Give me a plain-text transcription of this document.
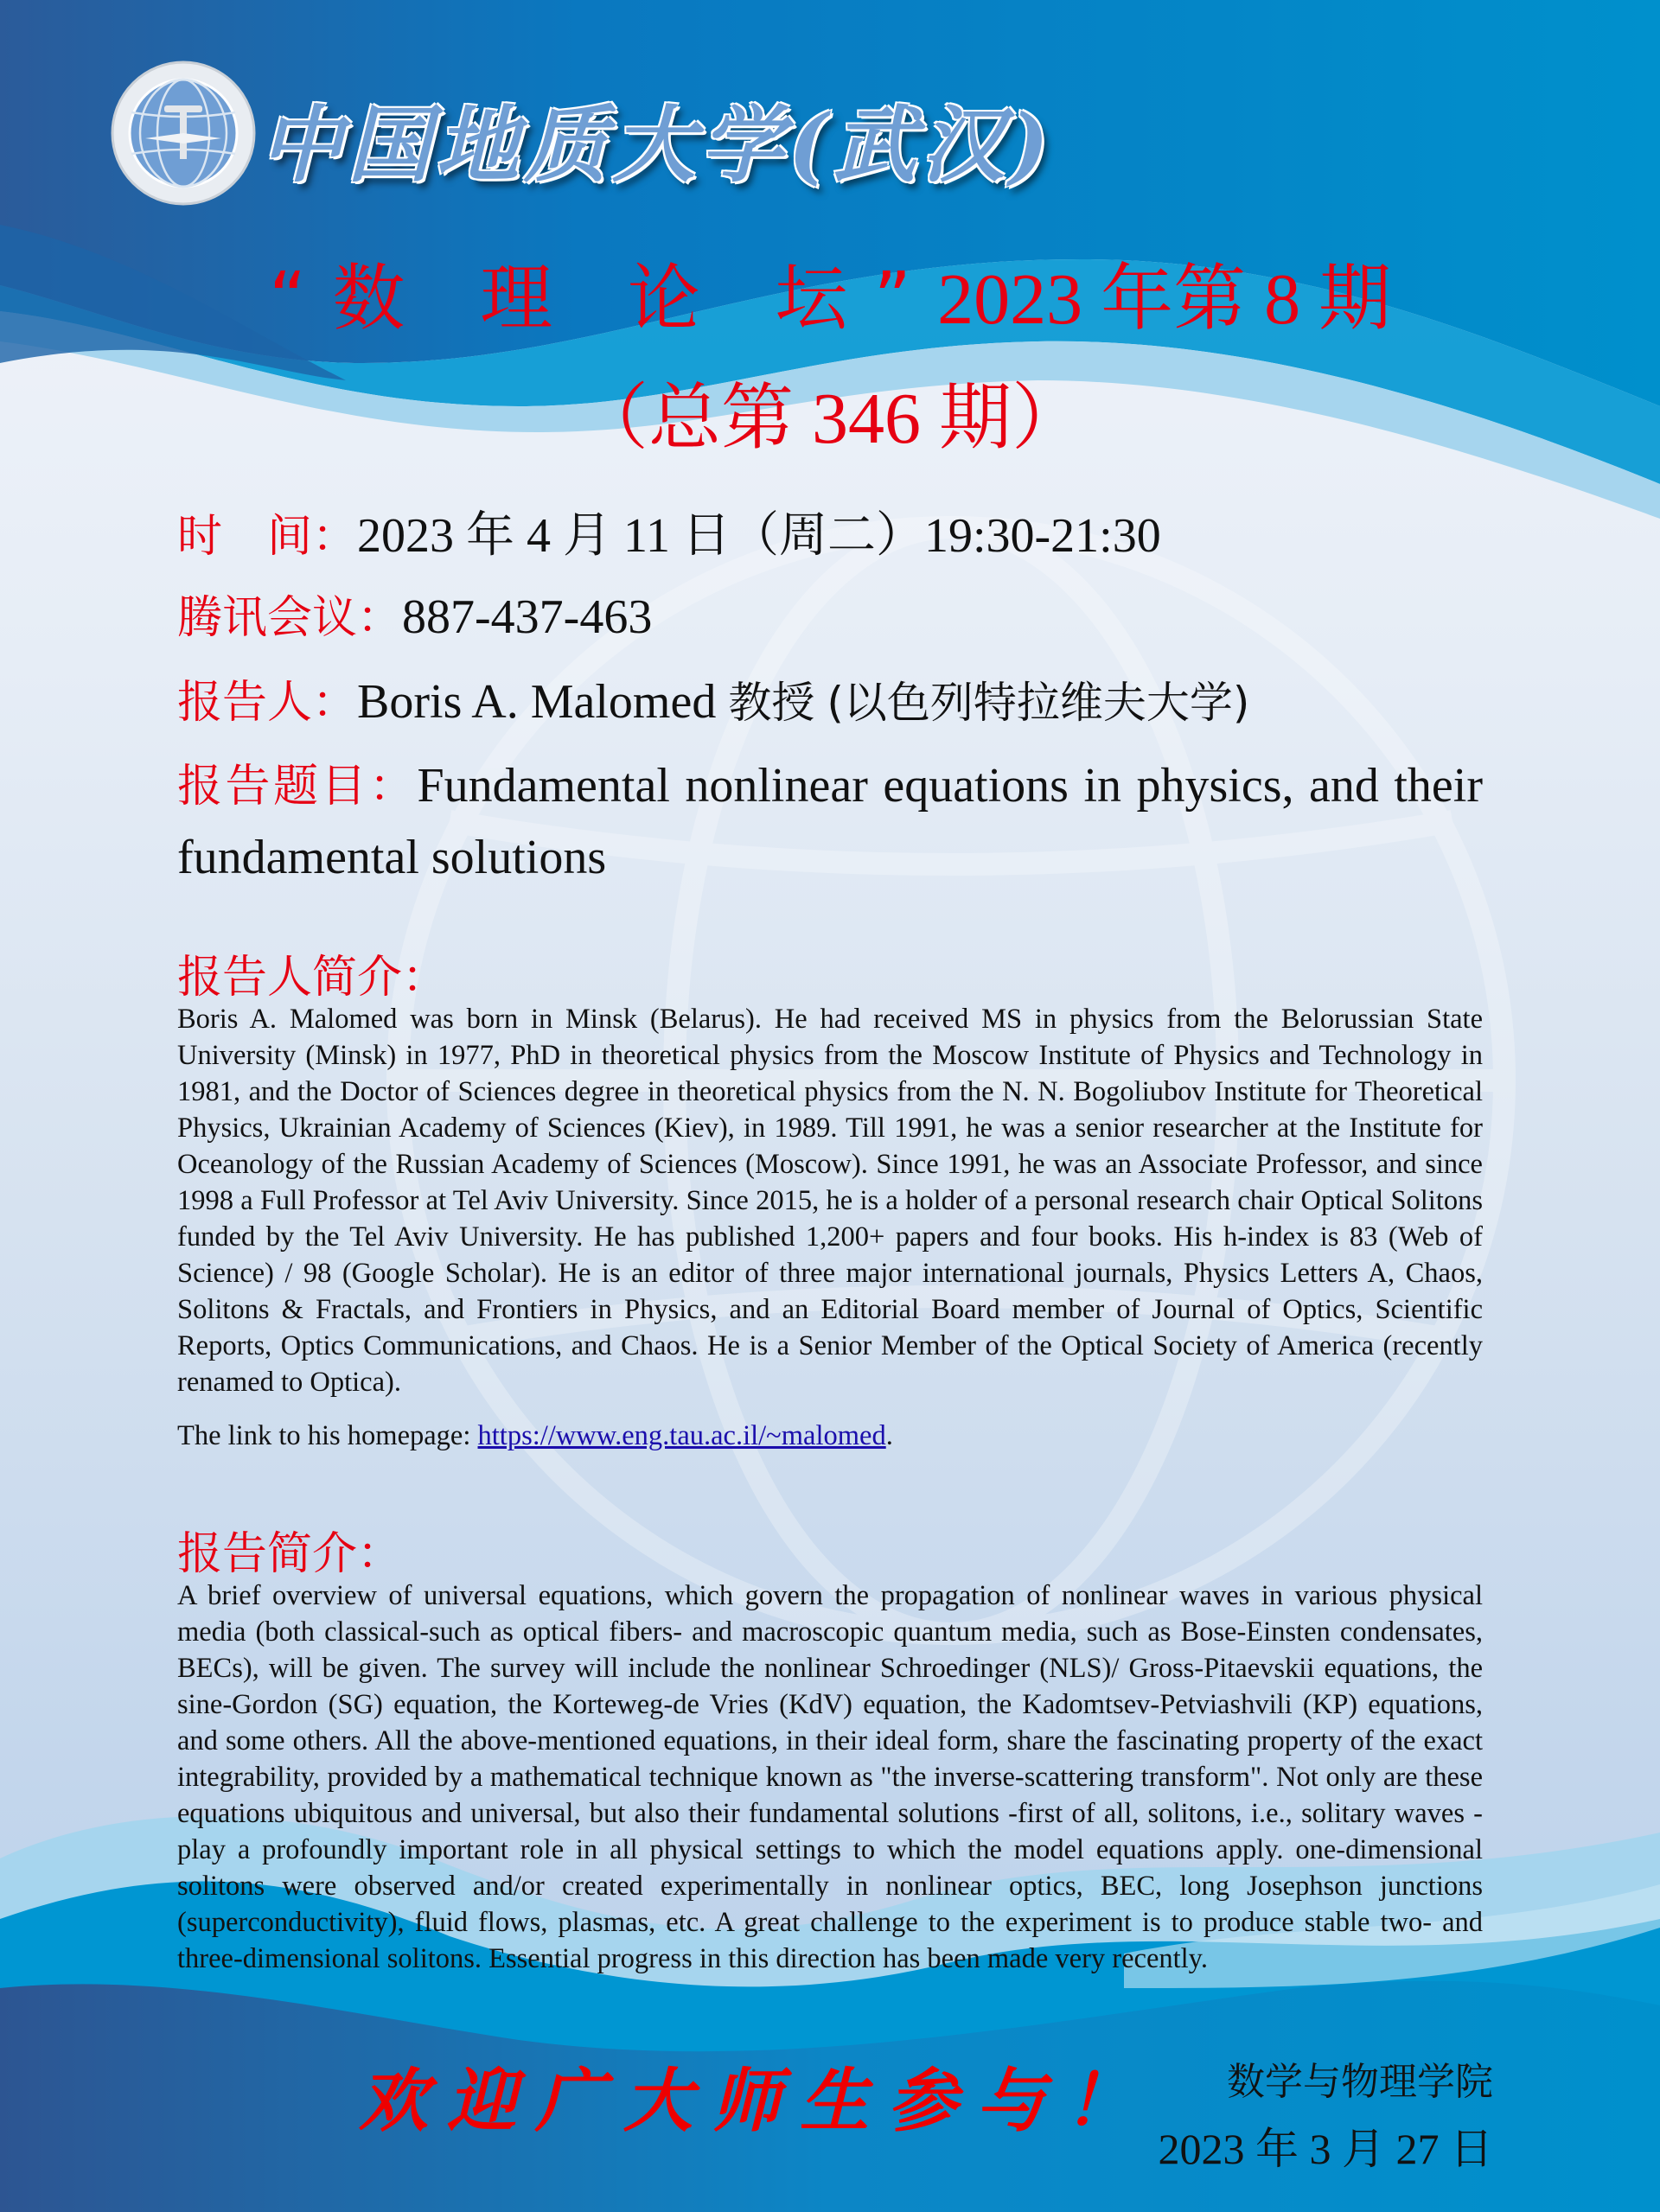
中国地质大学(武汉)
“数 理 论 坛”2023 年第 8 期
（总第 346 期）
时　间：2023 年 4 月 11 日（周二）19:30-21:30
腾讯会议：887-437-463
报告人：Boris A. Malomed 教授 (以色列特拉维夫大学)
报告题目：Fundamental nonlinear equations in physics, and their fundamental solutions
报告人简介：
Boris A. Malomed was born in Minsk (Belarus). He had received MS in physics from the Belorussian State University (Minsk) in 1977, PhD in theoretical physics from the Moscow Institute of Physics and Technology in 1981, and the Doctor of Sciences degree in theoretical physics from the N. N. Bogoliubov Institute for Theoretical Physics, Ukrainian Academy of Sciences (Kiev), in 1989. Till 1991, he was a senior researcher at the Institute for Oceanology of the Russian Academy of Sciences (Moscow). Since 1991, he was an Associate Professor, and since 1998 a Full Professor at Tel Aviv University. Since 2015, he is a holder of a personal research chair Optical Solitons funded by the Tel Aviv University. He has published 1,200+ papers and four books. His h-index is 83 (Web of Science) / 98 (Google Scholar). He is an editor of three major international journals, Physics Letters A, Chaos, Solitons & Fractals, and Frontiers in Physics, and an Editorial Board member of Journal of Optics, Scientific Reports, Optics Communications, and Chaos. He is a Senior Member of the Optical Society of America (recently renamed to Optica).
The link to his homepage: https://www.eng.tau.ac.il/~malomed.
报告简介：
A brief overview of universal equations, which govern the propagation of nonlinear waves in various physical media (both classical-such as optical fibers- and macroscopic quantum media, such as Bose-Einsten condensates, BECs), will be given. The survey will include the nonlinear Schroedinger (NLS)/ Gross-Pitaevskii equations, the sine-Gordon (SG) equation, the Korteweg-de Vries (KdV) equation, the Kadomtsev-Petviashvili (KP) equations, and some others. All the above-mentioned equations, in their ideal form, share the fascinating property of the exact integrability, provided by a mathematical technique known as "the inverse-scattering transform". Not only are these equations ubiquitous and universal, but also their fundamental solutions -first of all, solitons, i.e., solitary waves - play a profoundly important role in all physical settings to which the model equations apply. one-dimensional solitons were observed and/or created experimentally in nonlinear optics, BEC, long Josephson junctions (superconductivity), fluid flows, plasmas, etc. A great challenge to the experiment is to produce stable two- and three-dimensional solitons. Essential progress in this direction has been made very recently.
欢迎广大师生参与！ 数学与物理学院
2023 年 3 月 27 日
